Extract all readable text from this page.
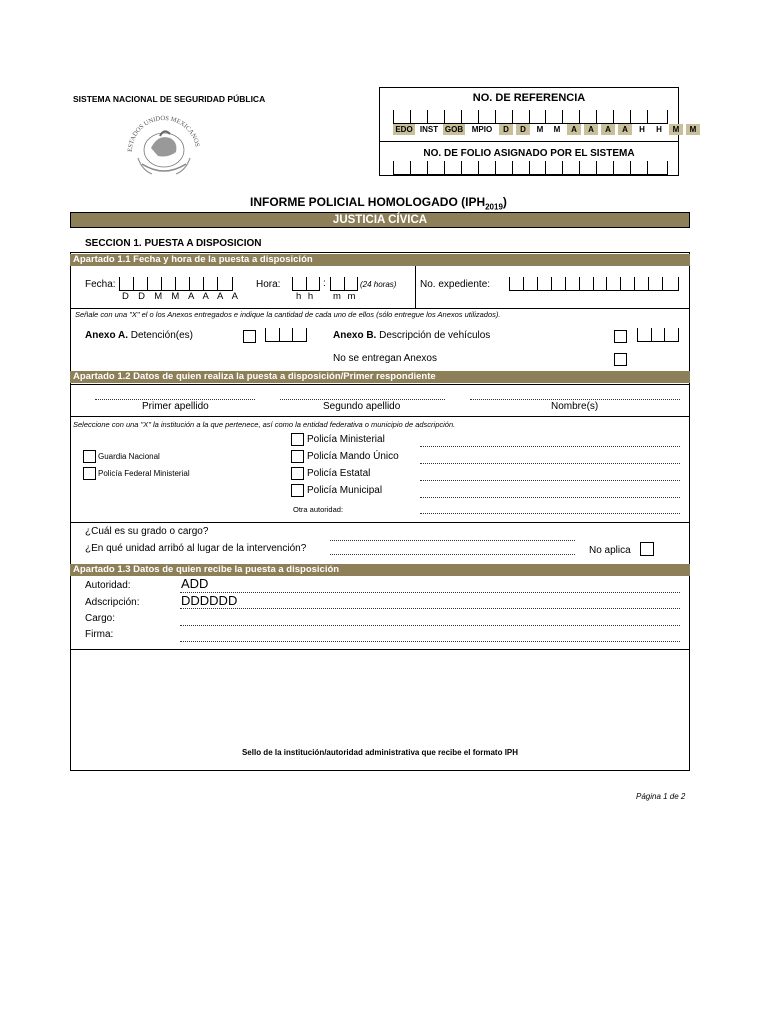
SISTEMA NACIONAL DE SEGURIDAD PÚBLICA
ESTADOS UNIDOS MEXICANOS
NO. DE REFERENCIA
EDO INST GOB	MPIO	D	D	M	M	A	A	A	A	H	H	M	M
NO. DE FOLIO ASIGNADO POR EL SISTEMA
INFORME POLICIAL HOMOLOGADO $(IPH_{2019})$
JUSTICIA CÍVICA
SECCION 1. PUESTA A DISPOSICION
Apartado 1.1 Fecha y hora de la puesta a disposición
Fecha:
D D M M A A A A
Hora:	:
h h m m
(24 horas) No. expediente:
Señale con una "X" el o los Anexos entregados e indique la cantidad de cada uno de ellos (sólo entregue los Anexos utilizados).
Anexo A. Detención(es)	Anexo B. Descripción de vehículos
No se entregan Anexos
Apartado 1.2 Datos de quien realiza la puesta a disposición/Primer respondiente
Primer apellido	Segundo apellido	Nombre(s)
Seleccione con una "X" la institución a la que pertenece, así como la entidad federativa o municipio de adscripción.
Guardia Nacional
Policía Federal Ministerial
Policía Ministerial
Policía Mando Único
Policía Estatal
Policía Municipal
Otra autoridad:
¿Cuál es su grado o cargo?
¿En qué unidad arribó al lugar de la intervención?	No aplica
Apartado 1.3 Datos de quien recibe la puesta a disposición
Autoridad:	ADD
Adscripción:	DDDDDD
Cargo:
Firma:
Sello de la institución/autoridad administrativa que recibe el formato IPH
Página 1 de 2
